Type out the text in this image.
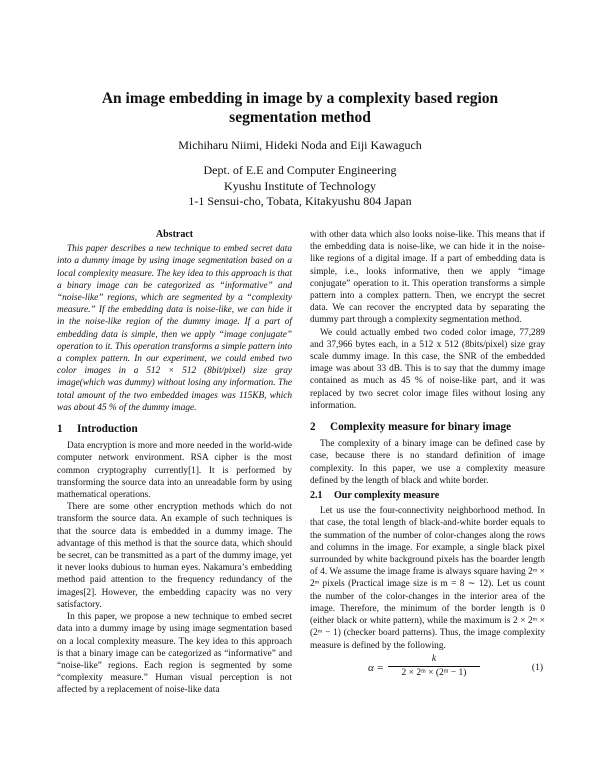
An image embedding in image by a complexity based region segmentation method
Michiharu Niimi, Hideki Noda and Eiji Kawaguch
Dept. of E.E and Computer Engineering
Kyushu Institute of Technology
1-1 Sensui-cho, Tobata, Kitakyushu 804 Japan
Abstract

This paper describes a new technique to embed secret data into a dummy image by using image segmentation based on a local complexity measure. The key idea to this approach is that a binary image can be categorized as “informative” and “noise-like” regions, which are segmented by a “complexity measure.” If the embedding data is noise-like, we can hide it in the noise-like region of the dummy image. If a part of embedding data is simple, then we apply “image conjugate” operation to it. This operation transforms a simple pattern into a complex pattern. In our experiment, we could embed two color images in a 512 × 512 (8bit/pixel) size gray image(which was dummy) without losing any information. The total amount of the two embedded images was 115KB, which was about 45 % of the dummy image.

1 Introduction

Data encryption is more and more needed in the world-wide computer network environment. RSA cipher is the most common cryptography currently[1]. It is performed by transforming the source data into an unreadable form by using mathematical operations.

There are some other encryption methods which do not transform the source data. An example of such techniques is that the source data is embedded in a dummy image. The advantage of this method is that the source data, which should be secret, can be transmitted as a part of the dummy image, yet it never looks dubious to human eyes. Nakamura’s embedding method paid attention to the frequency redundancy of the images[2]. However, the embedding capacity was no very satisfactory.

In this paper, we propose a new technique to embed secret data into a dummy image by using image segmentation based on a local complexity measure. The key idea to this approach is that a binary image can be categorized as “informative” and “noise-like” regions. Each region is segmented by some “complexity measure.” Human visual perception is not affected by a replacement of noise-like data

with other data which also looks noise-like. This means that if the embedding data is noise-like, we can hide it in the noise-like regions of a digital image. If a part of embedding data is simple, i.e., looks informative, then we apply “image conjugate” operation to it. This operation transforms a simple pattern into a complex pattern. Then, we encrypt the secret data. We can recover the encrypted data by separating the dummy part through a complexity segmentation method.

We could actually embed two coded color image, 77,289 and 37,966 bytes each, in a 512 x 512 (8bits/pixel) size gray scale dummy image. In this case, the SNR of the embedded image was about 33 dB. This is to say that the dummy image contained as much as 45 % of noise-like part, and it was replaced by two secret color image files without losing any information.

2 Complexity measure for binary image

The complexity of a binary image can be defined case by case, because there is no standard definition of image complexity. In this paper, we use a complexity measure defined by the length of black and white border.

2.1 Our complexity measure

Let us use the four-connectivity neighborhood method. In that case, the total length of black-and-white border equals to the summation of the number of color-changes along the rows and columns in the image. For example, a single black pixel surrounded by white background pixels has the boarder length of 4. We assume the image frame is always square having 2ᵐ × 2ᵐ pixels (Practical image size is m = 8 ∼ 12). Let us count the number of the color-changes in the interior area of the image. Therefore, the minimum of the border length is 0 (either black or white pattern), while the maximum is 2 × 2ᵐ × (2ᵐ − 1) (checker board patterns). Thus, the image complexity measure is defined by the following.

α =
k
2 × 2ᵐ × (2ᵐ − 1)	(1)
